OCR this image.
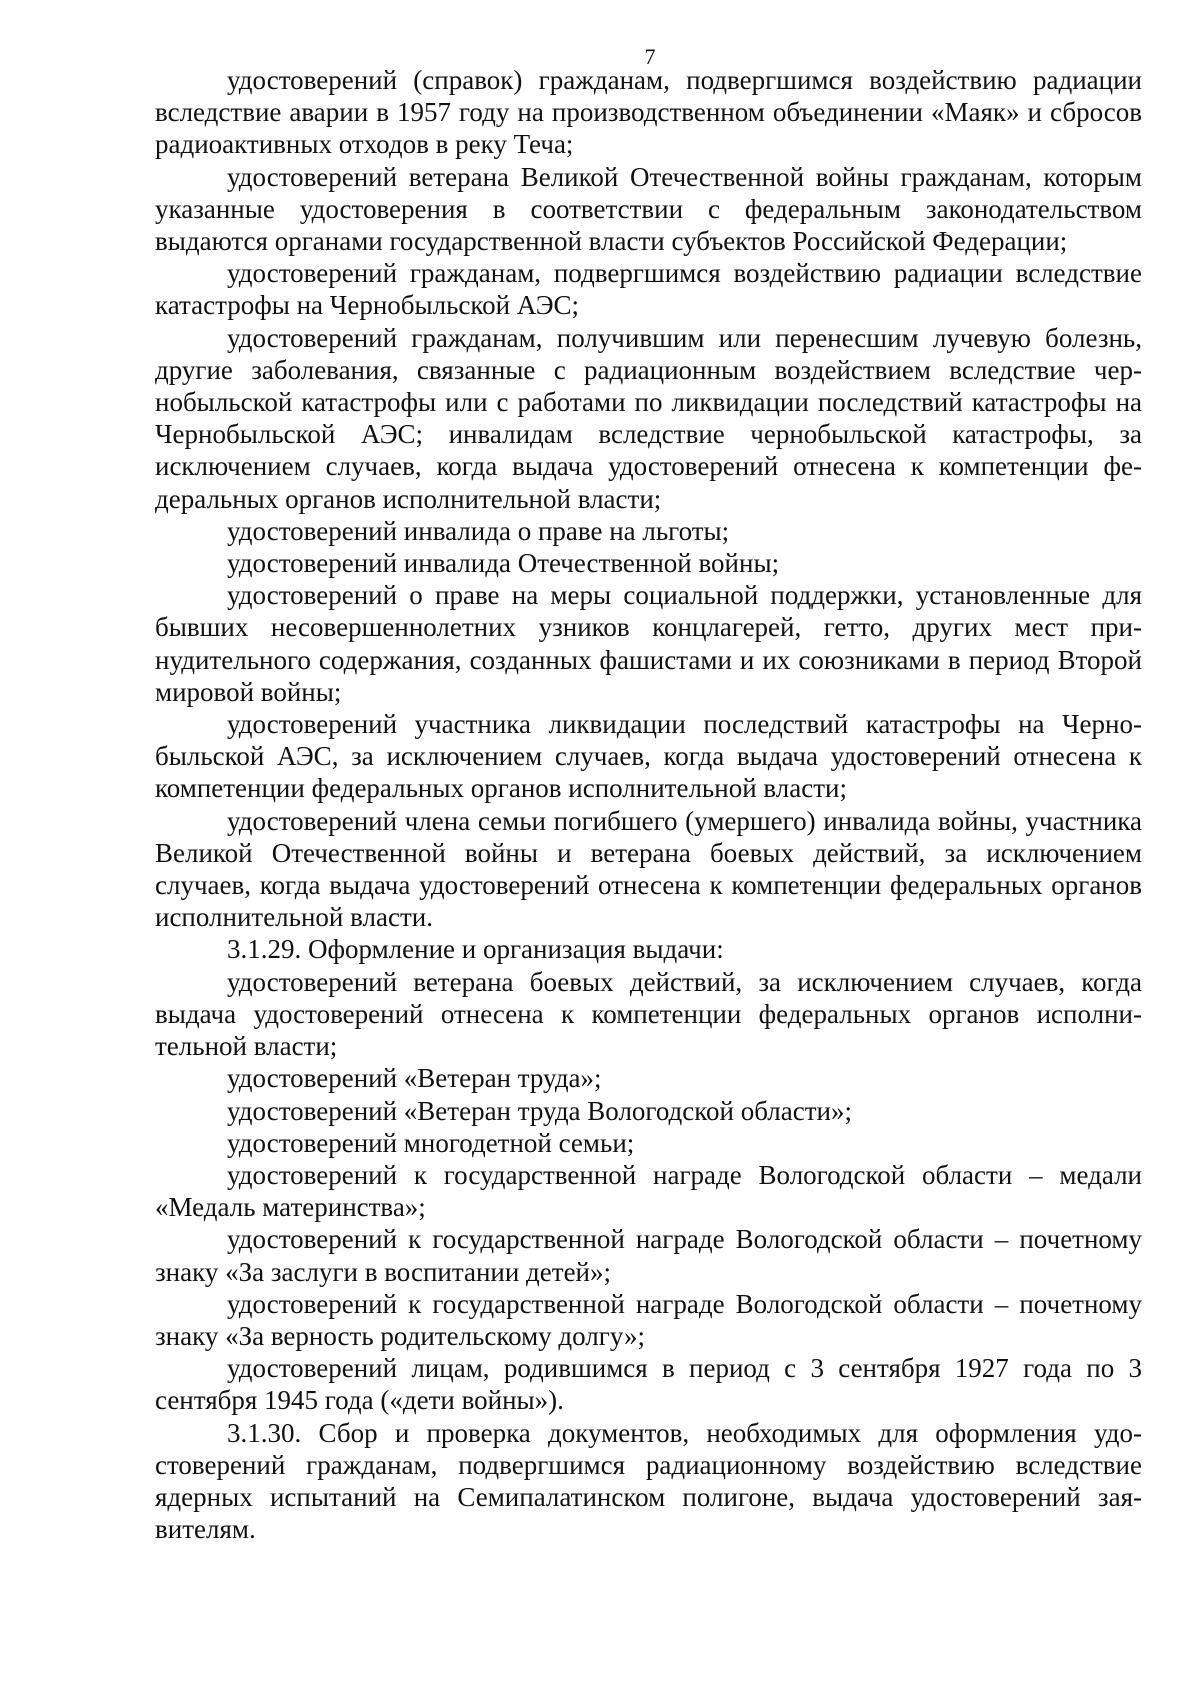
7

удостоверений (справок) гражданам, подвергшимся воздействию радиации вследствие аварии в 1957 году на производственном объединении «Маяк» и сбросов радиоактивных отходов в реку Теча;

удостоверений ветерана Великой Отечественной войны гражданам, которым указанные удостоверения в соответствии с федеральным законодательством выдаются органами государственной власти субъектов Российской Федерации;

удостоверений гражданам, подвергшимся воздействию радиации вследствие катастрофы на Чернобыльской АЭС;

удостоверений гражданам, получившим или перенесшим лучевую болезнь, другие заболевания, связанные с радиационным воздействием вследствие чернобыльской катастрофы или с работами по ликвидации последствий катастрофы на Чернобыльской АЭС; инвалидам вследствие чернобыльской катастрофы, за исключением случаев, когда выдача удостоверений отнесена к компетенции федеральных органов исполнительной власти;

удостоверений инвалида о праве на льготы;

удостоверений инвалида Отечественной войны;

удостоверений о праве на меры социальной поддержки, установленные для бывших несовершеннолетних узников концлагерей, гетто, других мест принудительного содержания, созданных фашистами и их союзниками в период Второй мировой войны;

удостоверений участника ликвидации последствий катастрофы на Чернобыльской АЭС, за исключением случаев, когда выдача удостоверений отнесена к компетенции федеральных органов исполнительной власти;

удостоверений члена семьи погибшего (умершего) инвалида войны, участника Великой Отечественной войны и ветерана боевых действий, за исключением случаев, когда выдача удостоверений отнесена к компетенции федеральных органов исполнительной власти.

3.1.29. Оформление и организация выдачи:

удостоверений ветерана боевых действий, за исключением случаев, когда выдача удостоверений отнесена к компетенции федеральных органов исполнительной власти;

удостоверений «Ветеран труда»;

удостоверений «Ветеран труда Вологодской области»;

удостоверений многодетной семьи;

удостоверений к государственной награде Вологодской области – медали «Медаль материнства»;

удостоверений к государственной награде Вологодской области – почетному знаку «За заслуги в воспитании детей»;

удостоверений к государственной награде Вологодской области – почетному знаку «За верность родительскому долгу»;

удостоверений лицам, родившимся в период с 3 сентября 1927 года по 3 сентября 1945 года («дети войны»).

3.1.30. Сбор и проверка документов, необходимых для оформления удостоверений гражданам, подвергшимся радиационному воздействию вследствие ядерных испытаний на Семипалатинском полигоне, выдача удостоверений заявителям.
